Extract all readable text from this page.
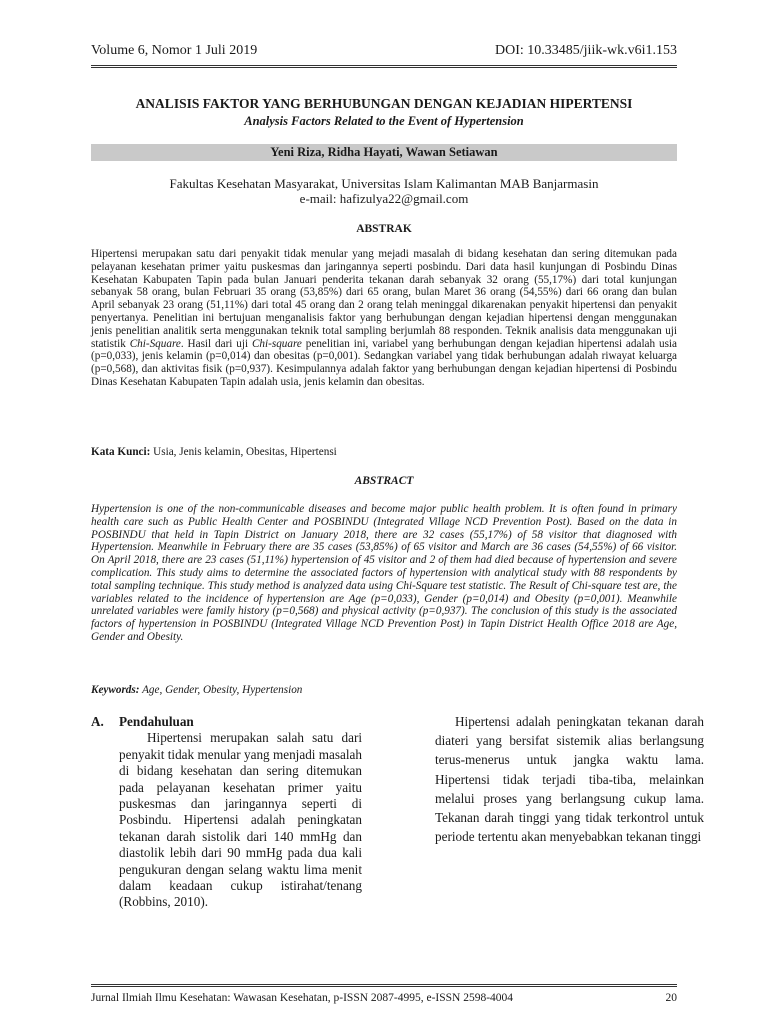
Volume 6, Nomor 1 Juli 2019	DOI: 10.33485/jiik-wk.v6i1.153
ANALISIS FAKTOR YANG BERHUBUNGAN DENGAN KEJADIAN HIPERTENSI
Analysis Factors Related to the Event of Hypertension
Yeni Riza, Ridha Hayati, Wawan Setiawan
Fakultas Kesehatan Masyarakat, Universitas Islam Kalimantan MAB Banjarmasin
e-mail: hafizulya22@gmail.com
ABSTRAK
Hipertensi merupakan satu dari penyakit tidak menular yang mejadi masalah di bidang kesehatan dan sering ditemukan pada pelayanan kesehatan primer yaitu puskesmas dan jaringannya seperti posbindu. Dari data hasil kunjungan di Posbindu Dinas Kesehatan Kabupaten Tapin pada bulan Januari penderita tekanan darah sebanyak 32 orang (55,17%) dari total kunjungan sebanyak 58 orang, bulan Februari 35 orang (53,85%) dari 65 orang, bulan Maret 36 orang (54,55%) dari 66 orang dan bulan April sebanyak 23 orang (51,11%) dari total 45 orang dan 2 orang telah meninggal dikarenakan penyakit hipertensi dan penyakit penyertanya. Penelitian ini bertujuan menganalisis faktor yang berhubungan dengan kejadian hipertensi dengan menggunakan jenis penelitian analitik serta menggunakan teknik total sampling berjumlah 88 responden. Teknik analisis data menggunakan uji statistik Chi-Square. Hasil dari uji Chi-square penelitian ini, variabel yang berhubungan dengan kejadian hipertensi adalah usia (p=0,033), jenis kelamin (p=0,014) dan obesitas (p=0,001). Sedangkan variabel yang tidak berhubungan adalah riwayat keluarga (p=0,568), dan aktivitas fisik (p=0,937). Kesimpulannya adalah faktor yang berhubungan dengan kejadian hipertensi di Posbindu Dinas Kesehatan Kabupaten Tapin adalah usia, jenis kelamin dan obesitas.
Kata Kunci: Usia, Jenis kelamin, Obesitas, Hipertensi
ABSTRACT
Hypertension is one of the non-communicable diseases and become major public health problem. It is often found in primary health care such as Public Health Center and POSBINDU (Integrated Village NCD Prevention Post). Based on the data in POSBINDU that held in Tapin District on January 2018, there are 32 cases (55,17%) of 58 visitor that diagnosed with Hypertension. Meanwhile in February there are 35 cases (53,85%) of 65 visitor and March are 36 cases (54,55%) of 66 visitor. On April 2018, there are 23 cases (51,11%) hypertension of 45 visitor and 2 of them had died because of hypertension and severe complication. This study aims to determine the associated factors of hypertension with analytical study with 88 respondents by total sampling technique. This study method is analyzed data using Chi-Square test statistic. The Result of Chi-square test are, the variables related to the incidence of hypertension are Age (p=0,033), Gender (p=0,014) and Obesity (p=0,001). Meanwhile unrelated variables were family history (p=0,568) and physical activity (p=0,937). The conclusion of this study is the associated factors of hypertension in POSBINDU (Integrated Village NCD Prevention Post) in Tapin District Health Office 2018 are Age, Gender and Obesity.
Keywords: Age, Gender, Obesity, Hypertension
A.	Pendahuluan
Hipertensi merupakan salah satu dari penyakit tidak menular yang menjadi masalah di bidang kesehatan dan sering ditemukan pada pelayanan kesehatan primer yaitu puskesmas dan jaringannya seperti di Posbindu. Hipertensi adalah peningkatan tekanan darah sistolik dari 140 mmHg dan diastolik lebih dari 90 mmHg pada dua kali pengukuran dengan selang waktu lima menit dalam keadaan cukup istirahat/tenang (Robbins, 2010).
Hipertensi adalah peningkatan tekanan darah diateri yang bersifat sistemik alias berlangsung terus-menerus untuk jangka waktu lama. Hipertensi tidak terjadi tiba-tiba, melainkan melalui proses yang berlangsung cukup lama. Tekanan darah tinggi yang tidak terkontrol untuk periode tertentu akan menyebabkan tekanan tinggi
Jurnal Ilmiah Ilmu Kesehatan: Wawasan Kesehatan, p-ISSN 2087-4995, e-ISSN 2598-4004	20
